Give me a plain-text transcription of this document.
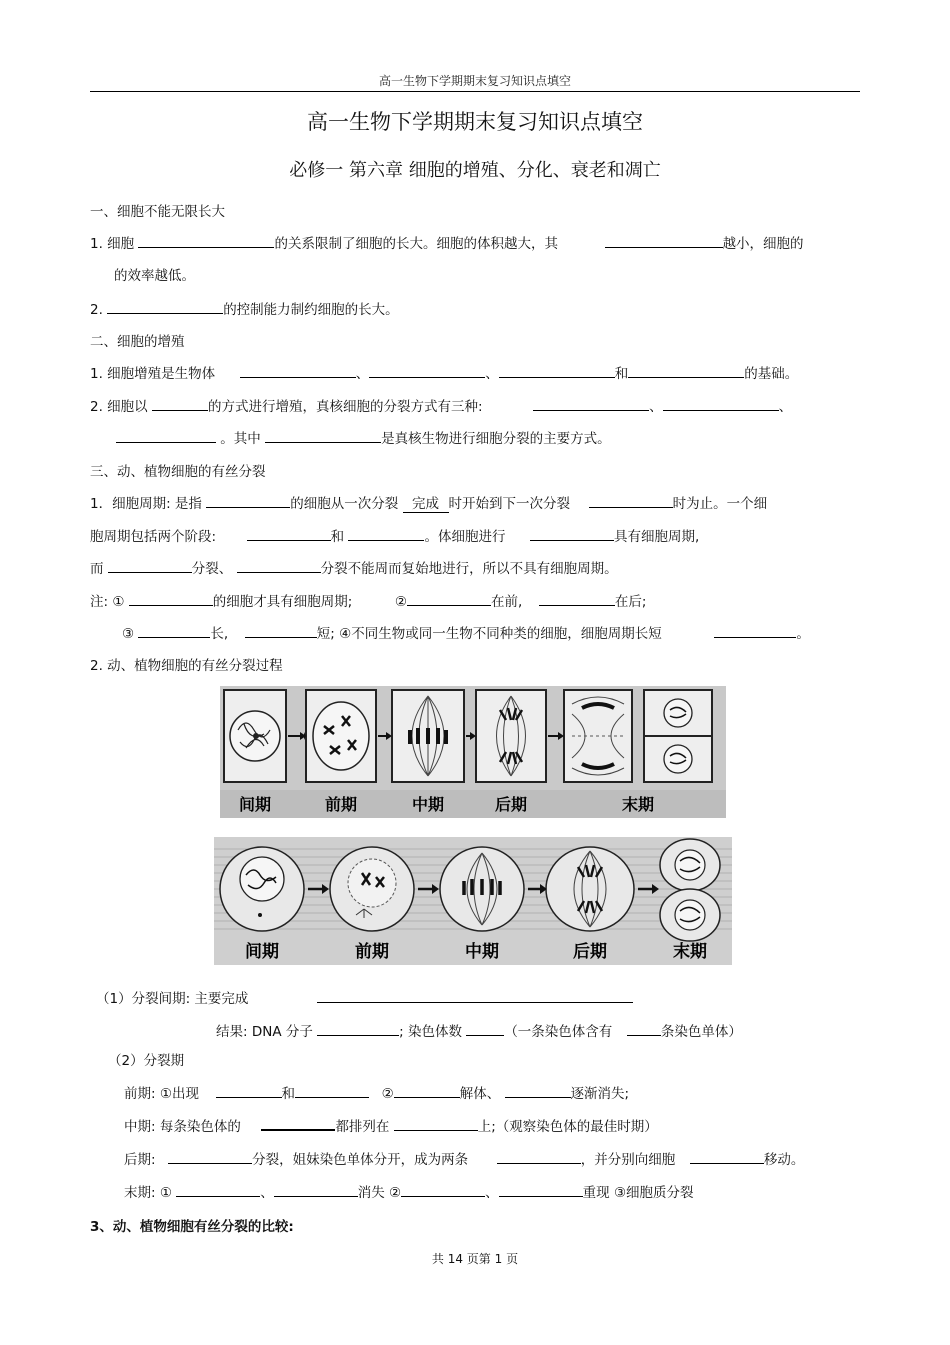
高一生物下学期期末复习知识点填空
高一生物下学期期末复习知识点填空
必修一 第六章 细胞的增殖、分化、衰老和凋亡
一、细胞不能无限长大
1. 细胞	的关系限制了细胞的长大。细胞的体积越大，其	越小，细胞的
的效率越低。
2.	的控制能力制约细胞的长大。
二、细胞的增殖
1. 细胞增殖是生物体	、	、	和	的基础。
2. 细胞以	的方式进行增殖，真核细胞的分裂方式有三种:	、	、
。其中	是真核生物进行细胞分裂的主要方式。
三、动、植物细胞的有丝分裂
1．细胞周期: 是指	的细胞从一次分裂 完成 时开始到下一次分裂	时为止。一个细
胞周期包括两个阶段:	和	。体细胞进行	具有细胞周期,
而	分裂、	分裂不能周而复始地进行，所以不具有细胞周期。
注: ①	的细胞才具有细胞周期;	②	在前,	在后;
③	长,	短; ④不同生物或同一生物不同种类的细胞，细胞周期长短	。
2. 动、植物细胞的有丝分裂过程
间期	前期	中期	后期	末期
间期	前期	中期	后期	末期
（1）分裂间期: 主要完成
结果: DNA 分子	; 染色体数	（一条染色体含有	条染色单体）
（2）分裂期
前期: ①出现	和	②	解体、	逐渐消失;
中期: 每条染色体的	都排列在	上;（观察染色体的最佳时期）
后期:	分裂，姐妹染色单体分开，成为两条	，并分别向细胞	移动。
末期: ①	、	消失 ②	、	重现 ③细胞质分裂
3、动、植物细胞有丝分裂的比较:
共 14 页第 1 页
